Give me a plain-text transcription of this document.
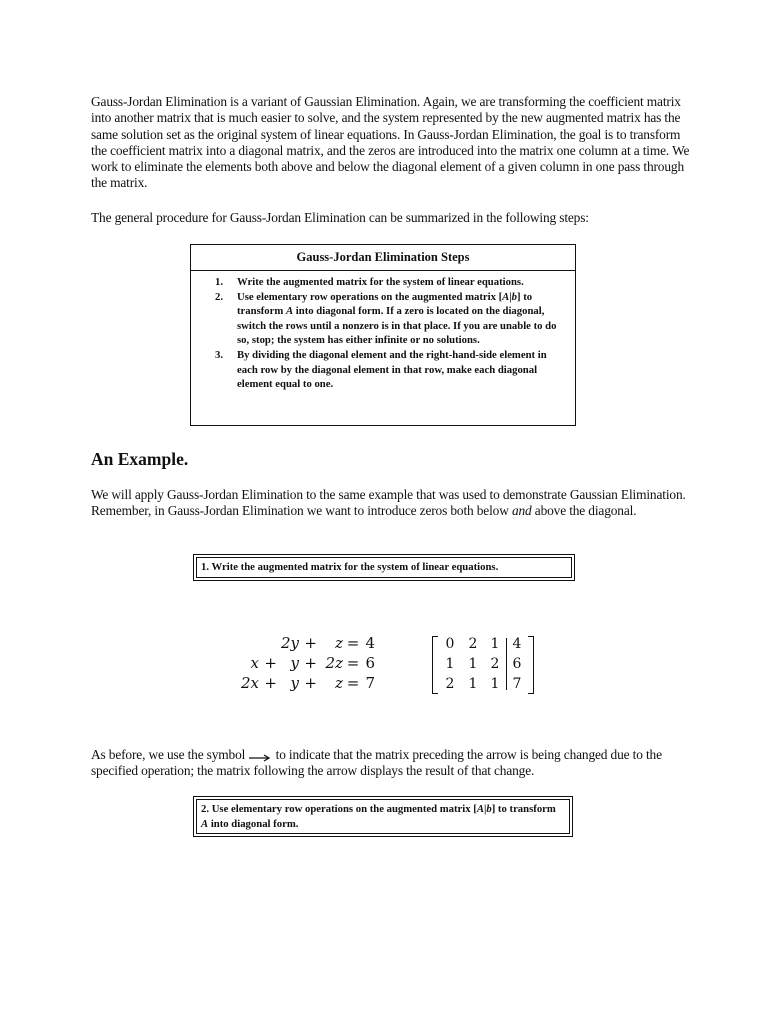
Gauss-Jordan Elimination is a variant of Gaussian Elimination. Again, we are transforming the coefficient matrix into another matrix that is much easier to solve, and the system represented by the new augmented matrix has the same solution set as the original system of linear equations. In Gauss-Jordan Elimination, the goal is to transform the coefficient matrix into a diagonal matrix, and the zeros are introduced into the matrix one column at a time. We work to eliminate the elements both above and below the diagonal element of a given column in one pass through the matrix.

The general procedure for Gauss-Jordan Elimination can be summarized in the following steps:

Gauss-Jordan Elimination Steps
1. Write the augmented matrix for the system of linear equations.
2. Use elementary row operations on the augmented matrix [A|b] to transform A into diagonal form. If a zero is located on the diagonal, switch the rows until a nonzero is in that place. If you are unable to do so, stop; the system has either infinite or no solutions.
3. By dividing the diagonal element and the right-hand-side element in each row by the diagonal element in that row, make each diagonal element equal to one.
An Example.

We will apply Gauss-Jordan Elimination to the same example that was used to demonstrate Gaussian Elimination. Remember, in Gauss-Jordan Elimination we want to introduce zeros both below and above the diagonal.

1. Write the augmented matrix for the system of linear equations.
2y +	z = 4
x + y + 2z = 6
2x + y +	z = 7
0 2 1 4
1 1 2 6
2 1 1 7

As before, we use the symbol  to indicate that the matrix preceding the arrow is being changed due to the specified operation; the matrix following the arrow displays the result of that change.

2. Use elementary row operations on the augmented matrix [A|b] to transform A into diagonal form.
